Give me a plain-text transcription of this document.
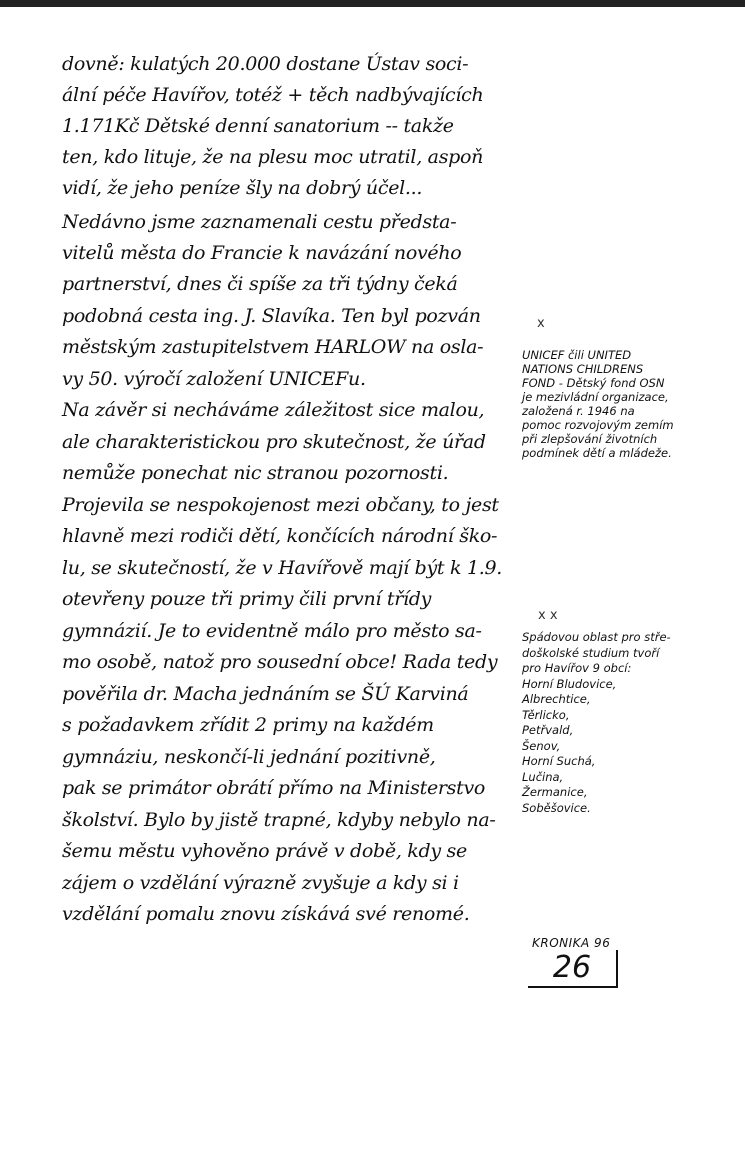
dovně: kulatých 20.000 dostane Ústav soci-
ální péče Havířov, totéž + těch nadbývajících
1.171Kč Dětské denní sanatorium -- takže
ten, kdo lituje, že na plesu moc utratil, aspoň
vidí, že jeho peníze šly na dobrý účel...
Nedávno jsme zaznamenali cestu předsta-
vitelů města do Francie k navázání nového
partnerství, dnes či spíše za tři týdny čeká
podobná cesta ing. J. Slavíka. Ten byl pozván
městským zastupitelstvem HARLOW na osla-
vy 50. výročí založení UNICEFu.
Na závěr si necháváme záležitost sice malou,
ale charakteristickou pro skutečnost, že úřad
nemůže ponechat nic stranou pozornosti.
Projevila se nespokojenost mezi občany, to jest
hlavně mezi rodiči dětí, končících národní ško-
lu, se skutečností, že v Havířově mají být k 1.9.
otevřeny pouze tři primy čili první třídy
gymnázií. Je to evidentně málo pro město sa-
mo osobě, natož pro sousední obce! Rada tedy
pověřila dr. Macha jednáním se ŠÚ Karviná
s požadavkem zřídit 2 primy na každém
gymnáziu, neskončí-li jednání pozitivně,
pak se primátor obrátí přímo na Ministerstvo
školství. Bylo by jistě trapné, kdyby nebylo na-
šemu městu vyhověno právě v době, kdy se
zájem o vzdělání výrazně zvyšuje a kdy si i
vzdělání pomalu znovu získává své renomé.
x
UNICEF čili UNITED
NATIONS CHILDRENS
FOND - Dětský fond OSN
je mezivládní organizace,
založená r. 1946 na
pomoc rozvojovým zemím
při zlepšování životních
podmínek dětí a mládeže.
x x
Spádovou oblast pro stře-
doškolské studium tvoří
pro Havířov 9 obcí:
Horní Bludovice,
Albrechtice,
Těrlicko,
Petřvald,
Šenov,
Horní Suchá,
Lučina,
Žermanice,
Soběšovice.
KRONIKA 96
26
